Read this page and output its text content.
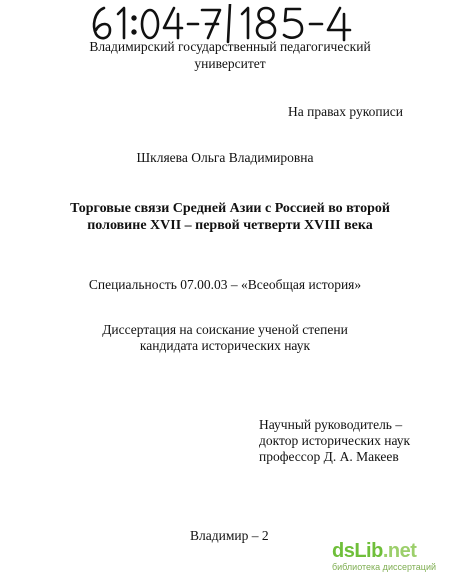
Владимирский государственный педагогический
университет
На правах рукописи
Шкляева Ольга Владимировна
Торговые связи Средней Азии с Россией во второй
половине XVII – первой четверти XVIII века
Специальность 07.00.03 – «Всеобщая история»
Диссертация на соискание ученой степени
кандидата исторических наук
Научный руководитель –
доктор исторических наук
профессор Д. А. Макеев
Владимир – 2
dsLib.net
библиотека диссертаций
